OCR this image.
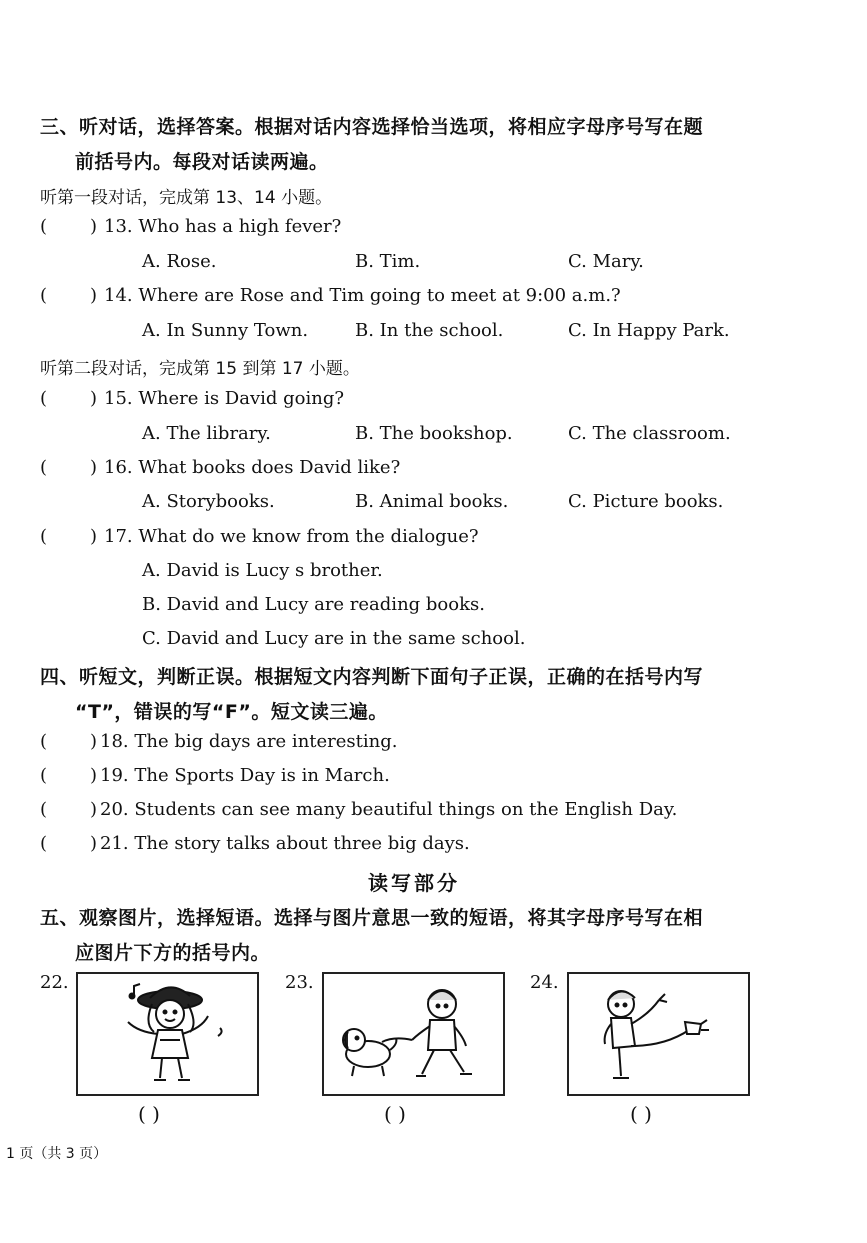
三、听对话，选择答案。根据对话内容选择恰当选项，将相应字母序号写在题
前括号内。每段对话读两遍。
听第一段对话，完成第 13、14 小题。
( ) 13. Who has a high fever?
A. Rose.	B. Tim.	C. Mary.
( ) 14. Where are Rose and Tim going to meet at 9:00 a.m.?
A. In Sunny Town.	B. In the school.	C. In Happy Park.
听第二段对话，完成第 15 到第 17 小题。
( ) 15. Where is David going?
A. The library.	B. The bookshop.	C. The classroom.
( ) 16. What books does David like?
A. Storybooks.	B. Animal books.	C. Picture books.
( ) 17. What do we know from the dialogue?
A. David is Lucy s brother.
B. David and Lucy are reading books.
C. David and Lucy are in the same school.
四、听短文，判断正误。根据短文内容判断下面句子正误，正确的在括号内写
“T”，错误的写“F”。短文读三遍。
( ) 18. The big days are interesting.
( ) 19. The Sports Day is in March.
( ) 20. Students can see many beautiful things on the English Day.
( ) 21. The story talks about three big days.
读写部分
五、观察图片，选择短语。选择与图片意思一致的短语，将其字母序号写在相
应图片下方的括号内。
22.
( )
23.
( )
24.
( )
1 页（共 3 页）
